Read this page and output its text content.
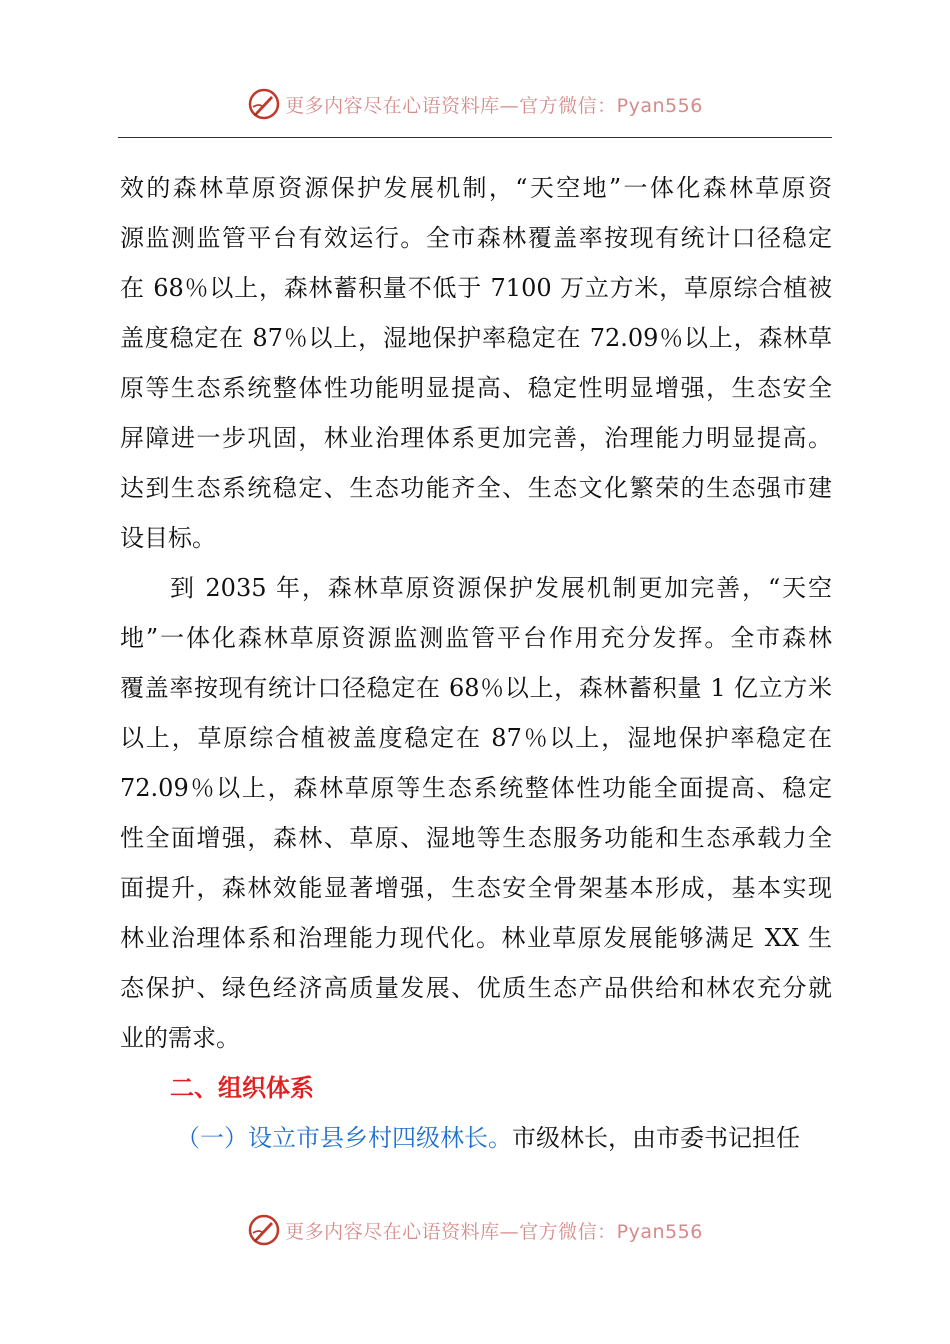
更多内容尽在心语资料库—官方微信：Pyan556
效的森林草原资源保护发展机制，“天空地”一体化森林草原资
源监测监管平台有效运行。全市森林覆盖率按现有统计口径稳定
在 68％以上，森林蓄积量不低于 7100 万立方米，草原综合植被
盖度稳定在 87％以上，湿地保护率稳定在 72.09％以上，森林草
原等生态系统整体性功能明显提高、稳定性明显增强，生态安全
屏障进一步巩固，林业治理体系更加完善，治理能力明显提高。
达到生态系统稳定、生态功能齐全、生态文化繁荣的生态强市建
设目标。
到 2035 年，森林草原资源保护发展机制更加完善，“天空
地”一体化森林草原资源监测监管平台作用充分发挥。全市森林
覆盖率按现有统计口径稳定在 68％以上，森林蓄积量 1 亿立方米
以上，草原综合植被盖度稳定在 87％以上，湿地保护率稳定在
72.09％以上，森林草原等生态系统整体性功能全面提高、稳定
性全面增强，森林、草原、湿地等生态服务功能和生态承载力全
面提升，森林效能显著增强，生态安全骨架基本形成，基本实现
林业治理体系和治理能力现代化。林业草原发展能够满足 XX 生
态保护、绿色经济高质量发展、优质生态产品供给和林农充分就
业的需求。
二、组织体系
（一）设立市县乡村四级林长。市级林长，由市委书记担任
更多内容尽在心语资料库—官方微信：Pyan556
